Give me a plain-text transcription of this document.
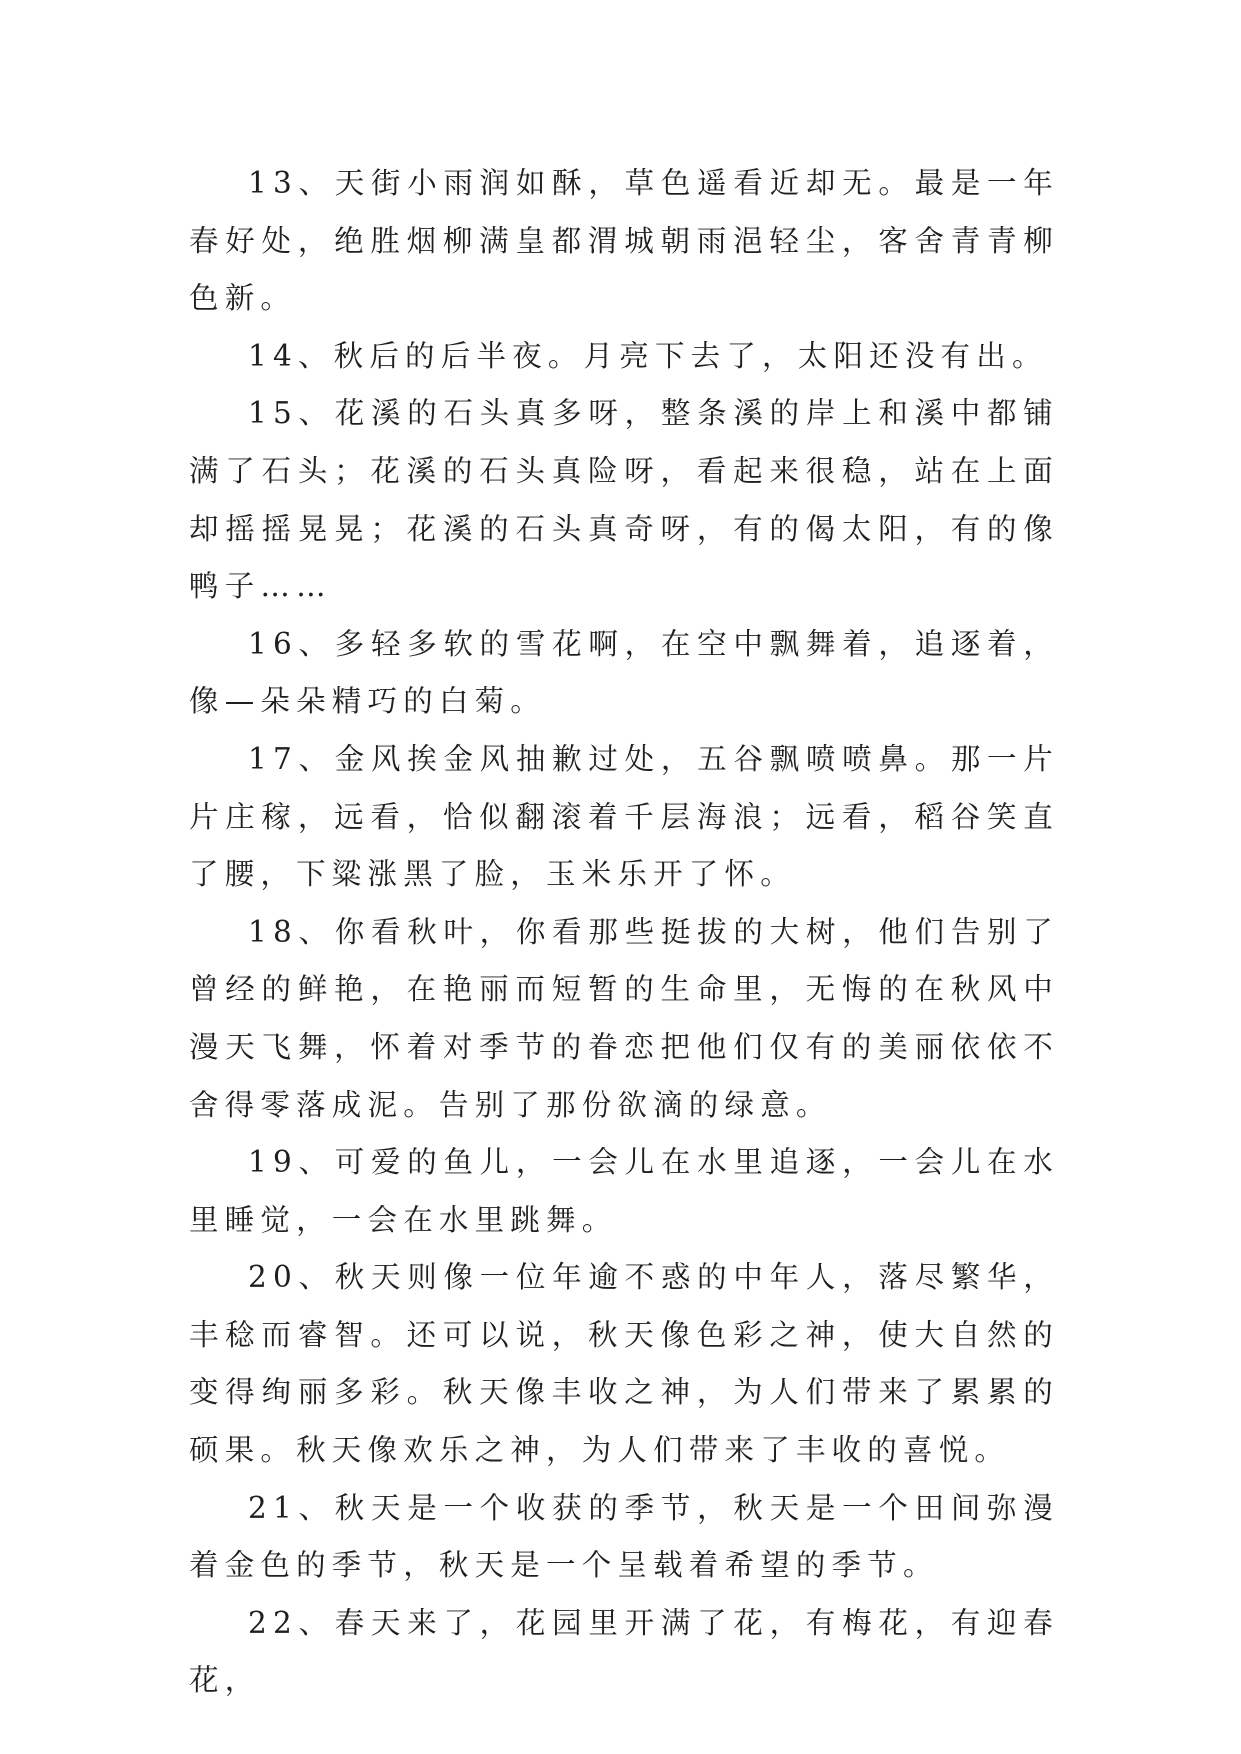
13、天街小雨润如酥，草色遥看近却无。最是一年春好处，绝胜烟柳满皇都渭城朝雨浥轻尘，客舍青青柳色新。

14、秋后的后半夜。月亮下去了，太阳还没有出。

15、花溪的石头真多呀，整条溪的岸上和溪中都铺满了石头；花溪的石头真险呀，看起来很稳，站在上面却摇摇晃晃；花溪的石头真奇呀，有的偈太阳，有的像鸭子……

16、多轻多软的雪花啊，在空中飘舞着，追逐着，像—朵朵精巧的白菊。

17、金风挨金风抽歉过处，五谷飘喷喷鼻。那一片片庄稼，远看，恰似翻滚着千层海浪；远看，稻谷笑直了腰，下粱涨黑了脸，玉米乐开了怀。

18、你看秋叶，你看那些挺拔的大树，他们告别了曾经的鲜艳，在艳丽而短暂的生命里，无悔的在秋风中漫天飞舞，怀着对季节的眷恋把他们仅有的美丽依依不舍得零落成泥。告别了那份欲滴的绿意。

19、可爱的鱼儿，一会儿在水里追逐，一会儿在水里睡觉，一会在水里跳舞。

20、秋天则像一位年逾不惑的中年人，落尽繁华，丰稔而睿智。还可以说，秋天像色彩之神，使大自然的变得绚丽多彩。秋天像丰收之神，为人们带来了累累的硕果。秋天像欢乐之神，为人们带来了丰收的喜悦。

21、秋天是一个收获的季节，秋天是一个田间弥漫着金色的季节，秋天是一个呈载着希望的季节。

22、春天来了，花园里开满了花，有梅花，有迎春花，
